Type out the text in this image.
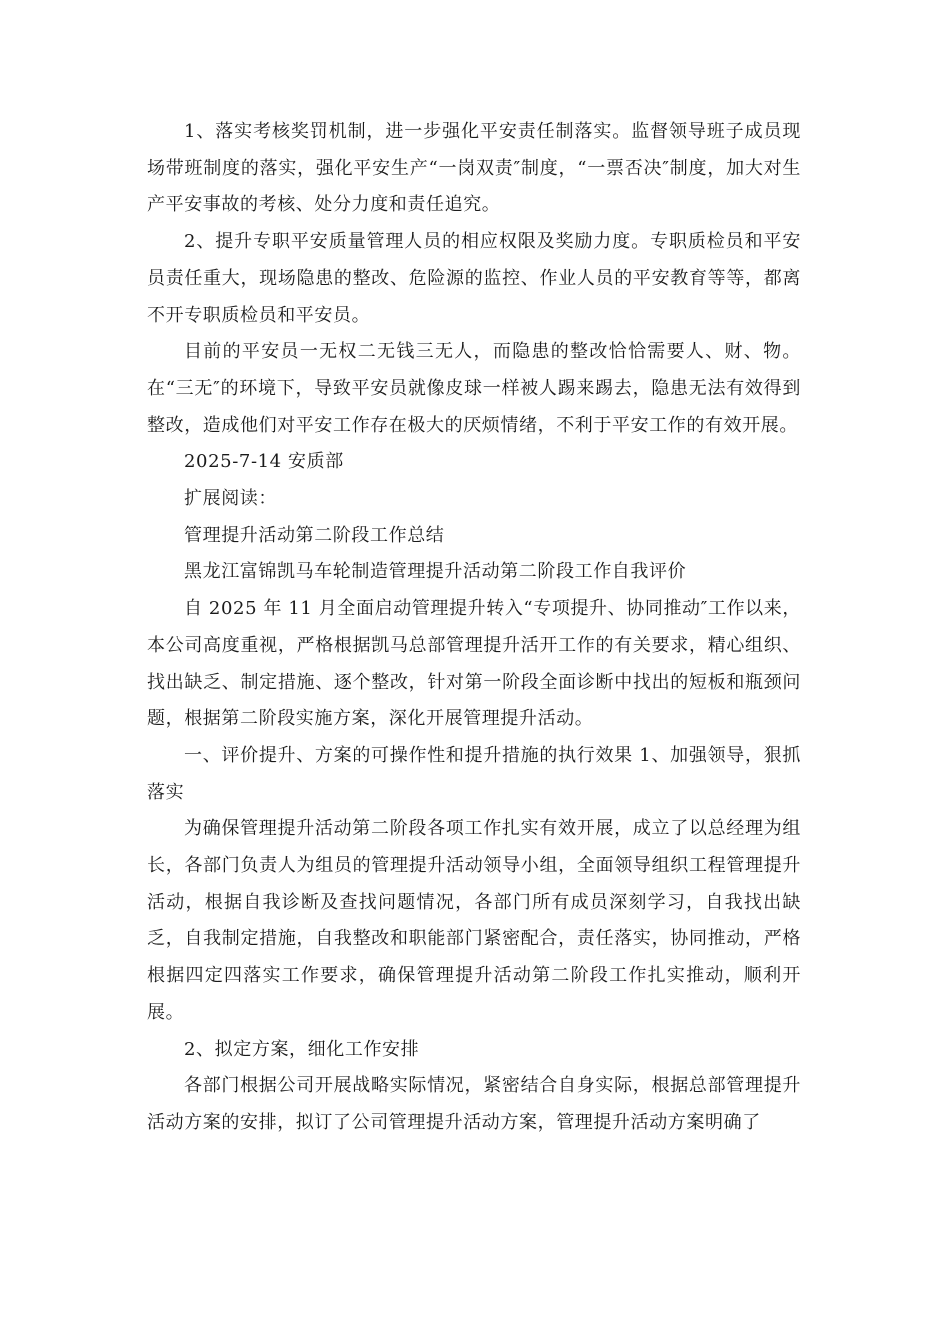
1、落实考核奖罚机制，进一步强化平安责任制落实。监督领导班子成员现场带班制度的落实，强化平安生产“一岗双责″制度，“一票否决″制度，加大对生产平安事故的考核、处分力度和责任追究。

2、提升专职平安质量管理人员的相应权限及奖励力度。专职质检员和平安员责任重大，现场隐患的整改、危险源的监控、作业人员的平安教育等等，都离不开专职质检员和平安员。

目前的平安员一无权二无钱三无人，而隐患的整改恰恰需要人、财、物。在“三无″的环境下，导致平安员就像皮球一样被人踢来踢去，隐患无法有效得到整改，造成他们对平安工作存在极大的厌烦情绪，不利于平安工作的有效开展。

2025-7-14 安质部

扩展阅读：

管理提升活动第二阶段工作总结

黑龙江富锦凯马车轮制造管理提升活动第二阶段工作自我评价

自 2025 年 11 月全面启动管理提升转入“专项提升、协同推动″工作以来，本公司高度重视，严格根据凯马总部管理提升活开工作的有关要求，精心组织、找出缺乏、制定措施、逐个整改，针对第一阶段全面诊断中找出的短板和瓶颈问题，根据第二阶段实施方案，深化开展管理提升活动。

一、评价提升、方案的可操作性和提升措施的执行效果 1、加强领导，狠抓落实

为确保管理提升活动第二阶段各项工作扎实有效开展，成立了以总经理为组长，各部门负责人为组员的管理提升活动领导小组，全面领导组织工程管理提升活动，根据自我诊断及查找问题情况，各部门所有成员深刻学习，自我找出缺乏，自我制定措施，自我整改和职能部门紧密配合，责任落实，协同推动，严格根据四定四落实工作要求，确保管理提升活动第二阶段工作扎实推动，顺利开展。

2、拟定方案，细化工作安排

各部门根据公司开展战略实际情况，紧密结合自身实际，根据总部管理提升活动方案的安排，拟订了公司管理提升活动方案，管理提升活动方案明确了
